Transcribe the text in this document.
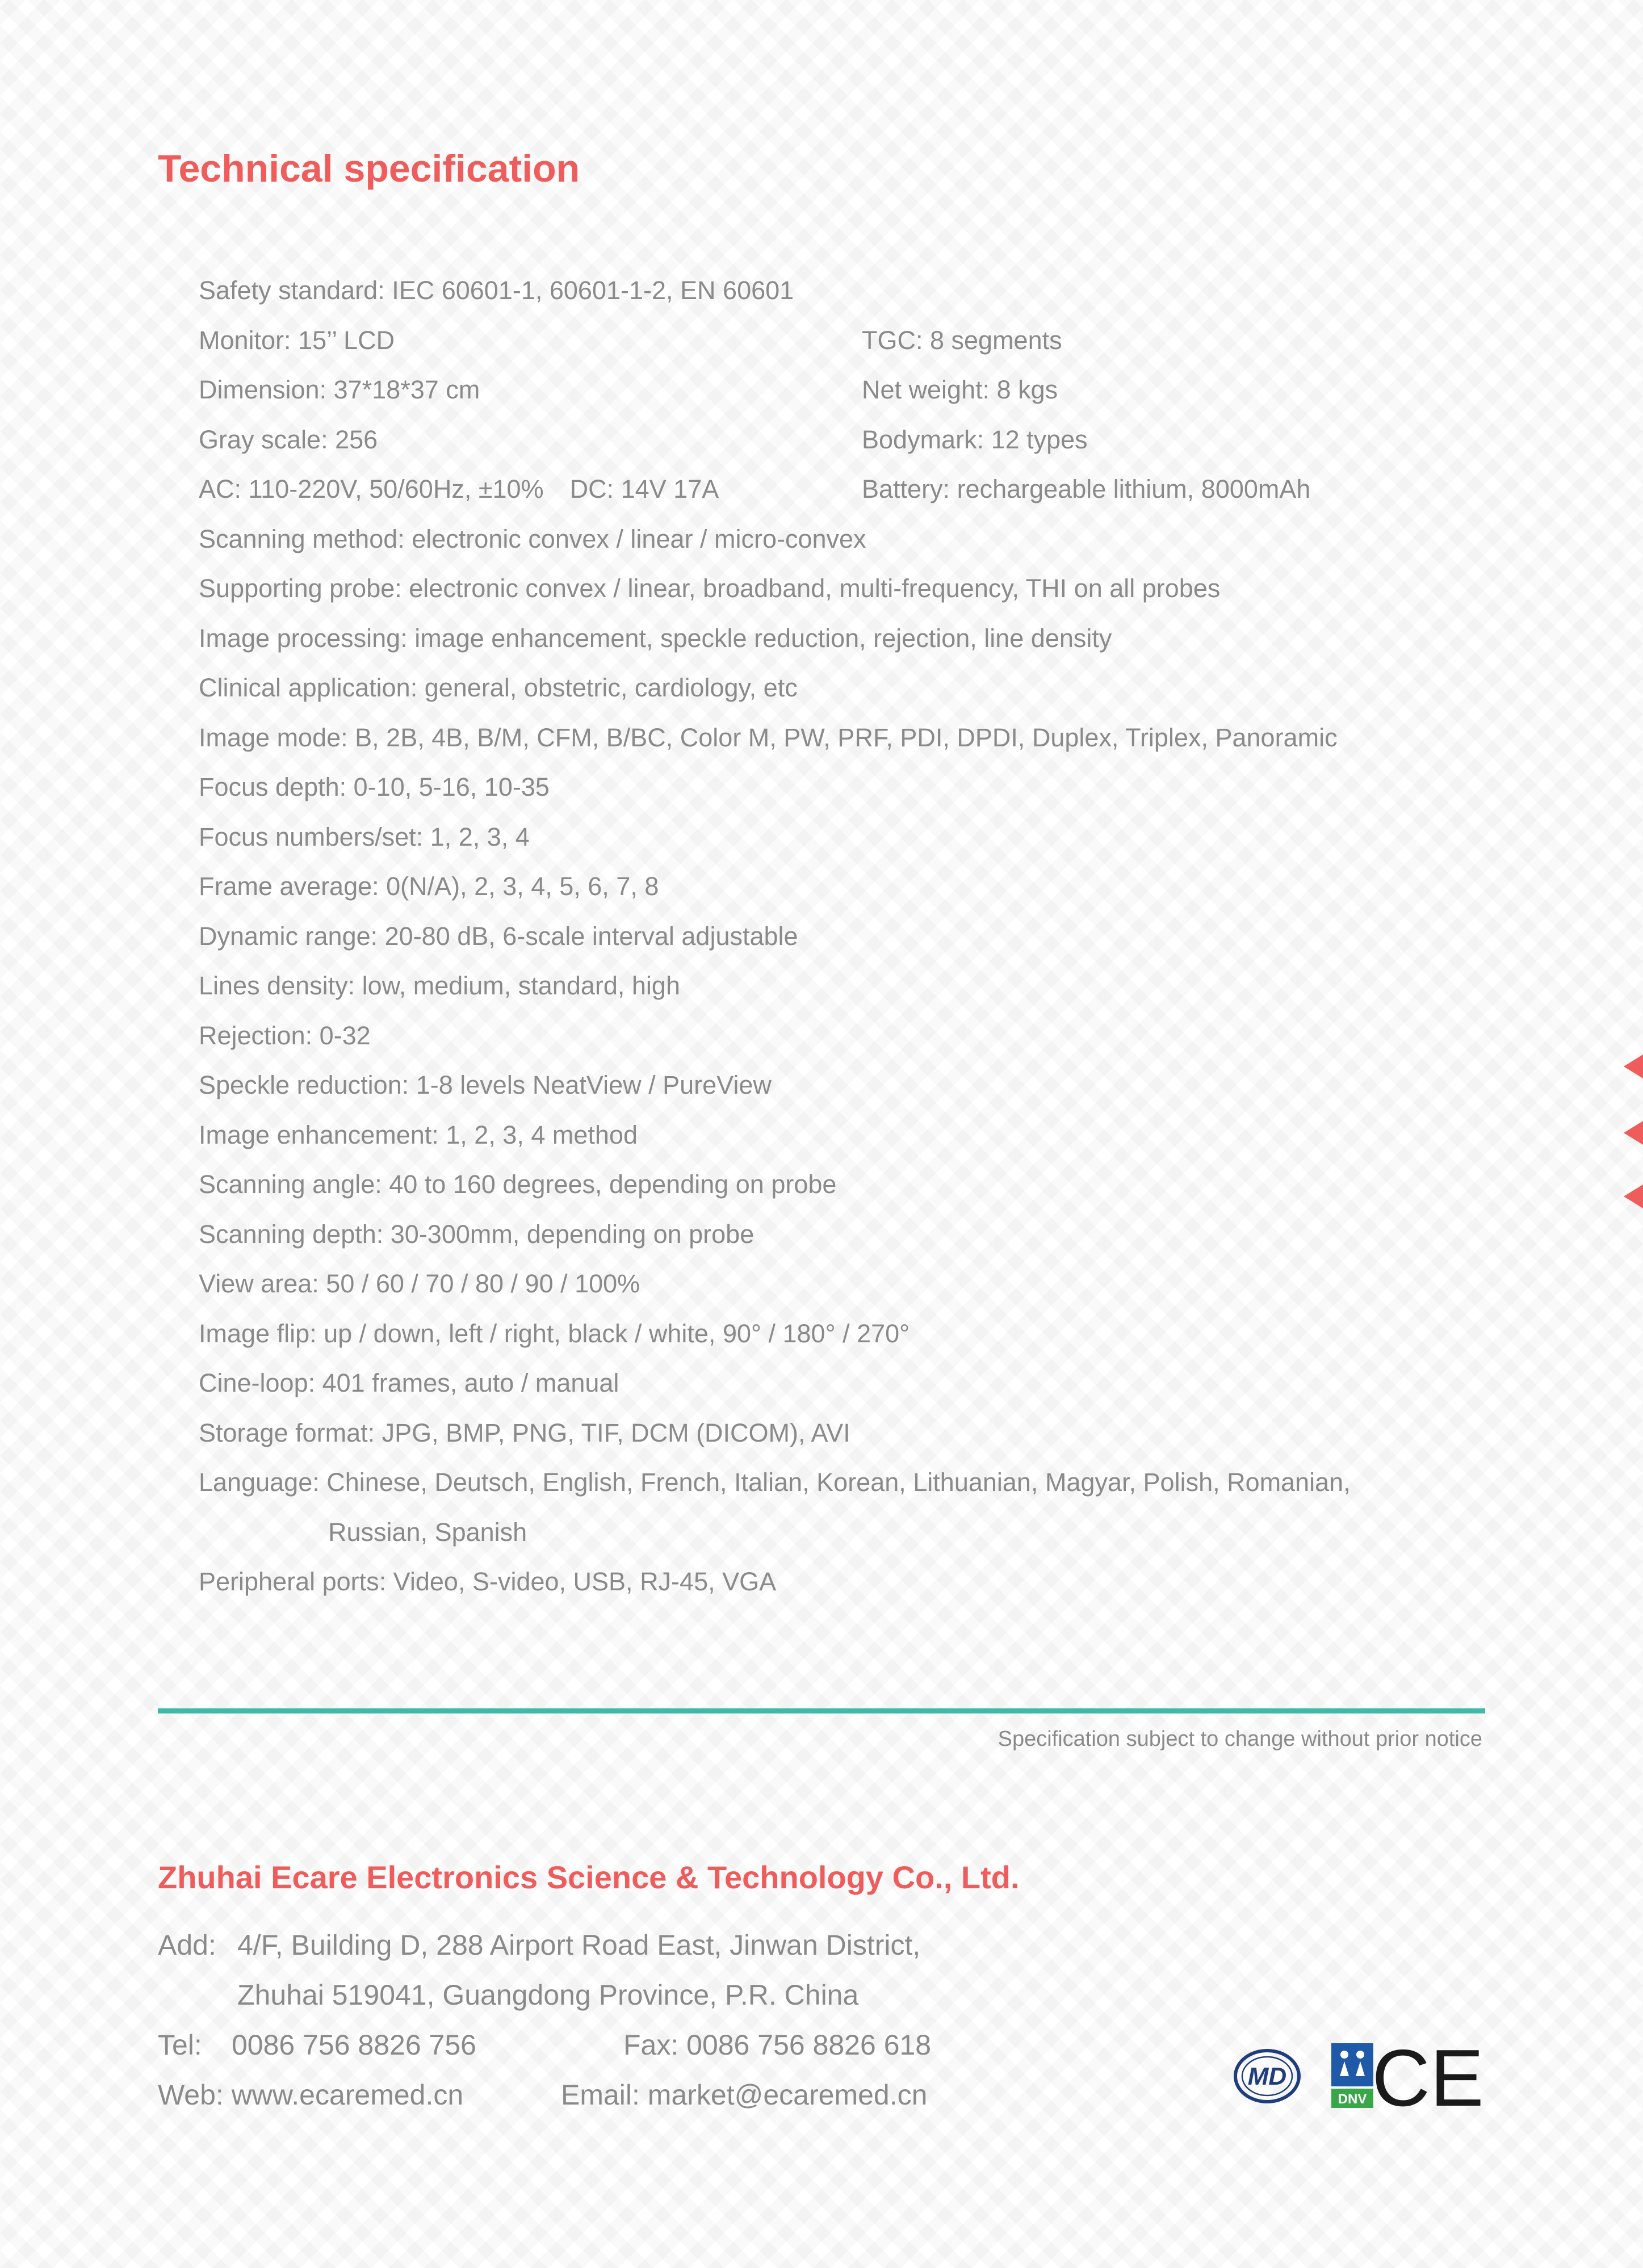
Technical specification
Safety standard: IEC 60601-1, 60601-1-2, EN 60601
Monitor: 15’’ LCD	TGC: 8 segments
Dimension: 37*18*37 cm	Net weight: 8 kgs
Gray scale: 256	Bodymark: 12 types
AC: 110-220V, 50/60Hz, ±10% DC: 14V 17A	Battery: rechargeable lithium, 8000mAh
Scanning method: electronic convex / linear / micro-convex
Supporting probe: electronic convex / linear, broadband, multi-frequency, THI on all probes
Image processing: image enhancement, speckle reduction, rejection, line density
Clinical application: general, obstetric, cardiology, etc
Image mode: B, 2B, 4B, B/M, CFM, B/BC, Color M, PW, PRF, PDI, DPDI, Duplex, Triplex, Panoramic
Focus depth: 0-10, 5-16, 10-35
Focus numbers/set: 1, 2, 3, 4
Frame average: 0(N/A), 2, 3, 4, 5, 6, 7, 8
Dynamic range: 20-80 dB, 6-scale interval adjustable
Lines density: low, medium, standard, high
Rejection: 0-32
Speckle reduction: 1-8 levels NeatView / PureView
Image enhancement: 1, 2, 3, 4 method
Scanning angle: 40 to 160 degrees, depending on probe
Scanning depth: 30-300mm, depending on probe
View area: 50 / 60 / 70 / 80 / 90 / 100%
Image flip: up / down, left / right, black / white, 90° / 180° / 270°
Cine-loop: 401 frames, auto / manual
Storage format: JPG, BMP, PNG, TIF, DCM (DICOM), AVI
Language: Chinese, Deutsch, English, French, Italian, Korean, Lithuanian, Magyar, Polish, Romanian,
Russian, Spanish
Peripheral ports: Video, S-video, USB, RJ-45, VGA
Specification subject to change without prior notice
Zhuhai Ecare Electronics Science & Technology Co., Ltd.
Add: 4/F, Building D, 288 Airport Road East, Jinwan District,
Zhuhai 519041, Guangdong Province, P.R. China
Tel: 0086 756 8826 756	Fax: 0086 756 8826 618
Web: www.ecaremed.cn	Email: market@ecaremed.cn
MD
DNV CE
